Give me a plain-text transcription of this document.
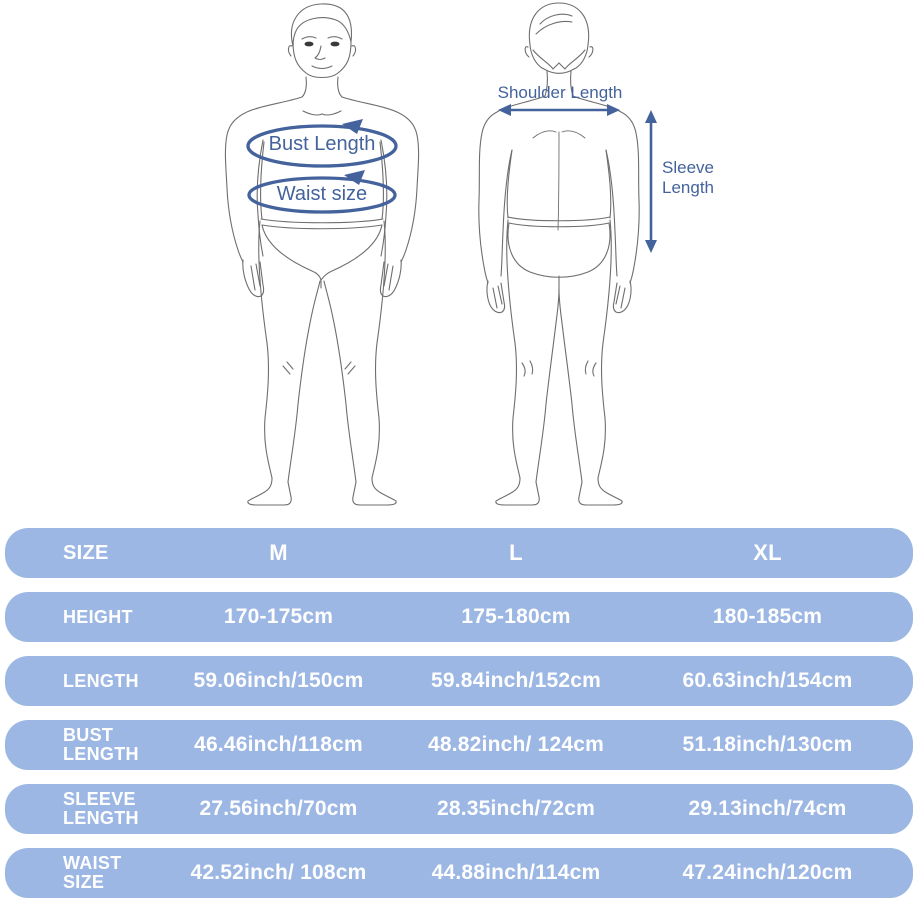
Bust Length
Waist size
Shoulder Length
Sleeve
Length
SIZE	M	L	XL
HEIGHT	170-175cm	175-180cm	180-185cm
LENGTH	59.06inch/150cm	59.84inch/152cm	60.63inch/154cm
BUST LENGTH	46.46inch/118cm	48.82inch/ 124cm	51.18inch/130cm
SLEEVE LENGTH	27.56inch/70cm	28.35inch/72cm	29.13inch/74cm
WAIST SIZE	42.52inch/ 108cm	44.88inch/114cm	47.24inch/120cm
